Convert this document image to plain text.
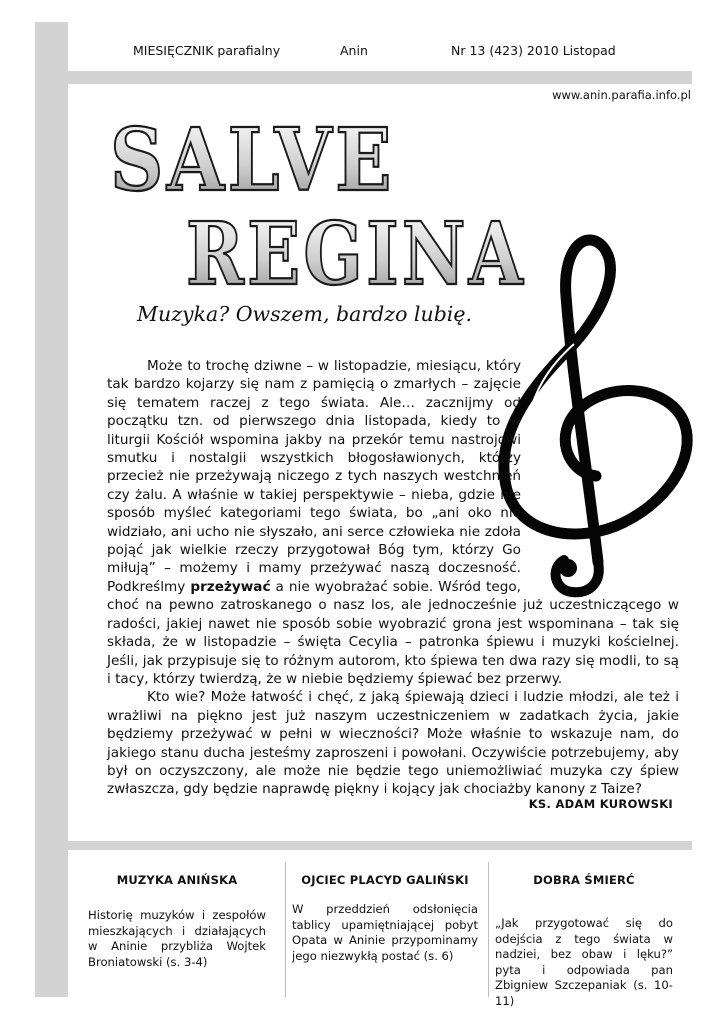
MIESIĘCZNIK parafialny	Anin	Nr 13 (423) 2010 Listopad
www.anin.parafia.info.pl
SALVE
REGINA
Muzyka? Owszem, bardzo lubię.

Może to trochę dziwne – w listopadzie, miesiącu, który tak bardzo kojarzy się nam z pamięcią o zmarłych – zajęcie się tematem raczej z tego świata. Ale… zacznijmy od początku tzn. od pierwszego dnia listopada, kiedy to w liturgii Kościół wspomina jakby na przekór temu nastrojowi smutku i nostalgii wszystkich błogosławionych, którzy przecież nie przeżywają niczego z tych naszych westchnień czy żalu. A właśnie w takiej perspektywie – nieba, gdzie nie sposób myśleć kategoriami tego świata, bo „ani oko nie widziało, ani ucho nie słyszało, ani serce człowieka nie zdoła pojąć jak wielkie rzeczy przygotował Bóg tym, którzy Go miłują” – możemy i mamy przeżywać naszą doczesność. Podkreślmy przeżywać a nie wyobrażać sobie. Wśród tego, choć na pewno zatroskanego o nasz los, ale jednocześnie już uczestniczącego w radości, jakiej nawet nie sposób sobie wyobrazić grona jest wspominana – tak się składa, że w listopadzie – święta Cecylia – patronka śpiewu i muzyki kościelnej. Jeśli, jak przypisuje się to różnym autorom, kto śpiewa ten dwa razy się modli, to są i tacy, którzy twierdzą, że w niebie będziemy śpiewać bez przerwy.

Kto wie? Może łatwość i chęć, z jaką śpiewają dzieci i ludzie młodzi, ale też i wrażliwi na piękno jest już naszym uczestniczeniem w zadatkach życia, jakie będziemy przeżywać w pełni w wieczności? Może właśnie to wskazuje nam, do jakiego stanu ducha jesteśmy zaproszeni i powołani. Oczywiście potrzebujemy, aby był on oczyszczony, ale może nie będzie tego uniemożliwiać muzyka czy śpiew zwłaszcza, gdy będzie naprawdę piękny i kojący jak chociażby kanony z Taize?

KS. ADAM KUROWSKI
MUZYKA ANIŃSKA

Historię muzyków i zespołów mieszkających i działających w Aninie przybliża Wojtek Broniatowski (s. 3-4)

OJCIEC PLACYD GALIŃSKI

W przeddzień odsłonięcia tablicy upamiętniającej pobyt Opata w Aninie przypominamy jego niezwykłą postać (s. 6)

DOBRA ŚMIERĆ

„Jak przygotować się do odejścia z tego świata w nadziei, bez obaw i lęku?” pyta i odpowiada pan Zbigniew Szczepaniak (s. 10-11)
